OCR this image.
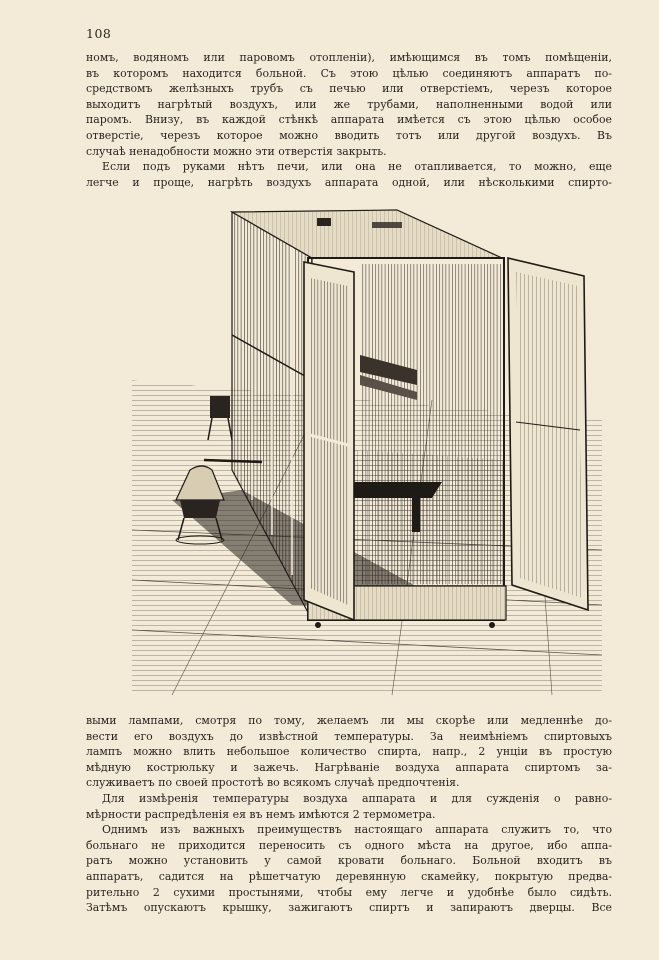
108

номъ, водяномъ или паровомъ отопленіи), имѣющимся въ томъ помѣщеніи,

въ которомъ находится больной. Съ этою цѣлью соединяютъ аппаратъ по-

средствомъ желѣзныхъ трубъ съ печью или отверстіемъ, черезъ которое

выходитъ нагрѣтый воздухъ, или же трубами, наполненными водой или

паромъ. Внизу, въ каждой стѣнкѣ аппарата имѣется съ этою цѣлью особое

отверстіе, черезъ которое можно вводить тотъ или другой воздухъ. Въ

случаѣ ненадобности можно эти отверстія закрыть.

Если подъ руками нѣтъ печи, или она не отапливается, то можно, еще

легче и проще, нагрѣть воздухъ аппарата одной, или нѣсколькими спирто-

выми лампами, смотря по тому, желаемъ ли мы скорѣе или медленнѣе до-

вести его воздухъ до извѣстной температуры. За неимѣніемъ спиртовыхъ

лампъ можно влить небольшое количество спирта, напр., 2 унціи въ простую

мѣдную кострюльку и зажечь. Нагрѣваніе воздуха аппарата спиртомъ за-

служиваетъ по своей простотѣ во всякомъ случаѣ предпочтенія.

Для измѣренія температуры воздуха аппарата и для сужденія о равно-

мѣрности распредѣленія ея въ немъ имѣются 2 термометра.

Однимъ изъ важныхъ преимуществъ настоящаго аппарата служитъ то, что

больнаго не приходится переносить съ одного мѣста на другое, ибо аппа-

ратъ можно установить у самой кровати больнаго. Больной входитъ въ

аппаратъ, садится на рѣшетчатую деревянную скамейку, покрытую предва-

рительно 2 сухими простынями, чтобы ему легче и удобнѣе было сидѣть.

Затѣмъ опускаютъ крышку, зажигаютъ спиртъ и запираютъ дверцы. Все
